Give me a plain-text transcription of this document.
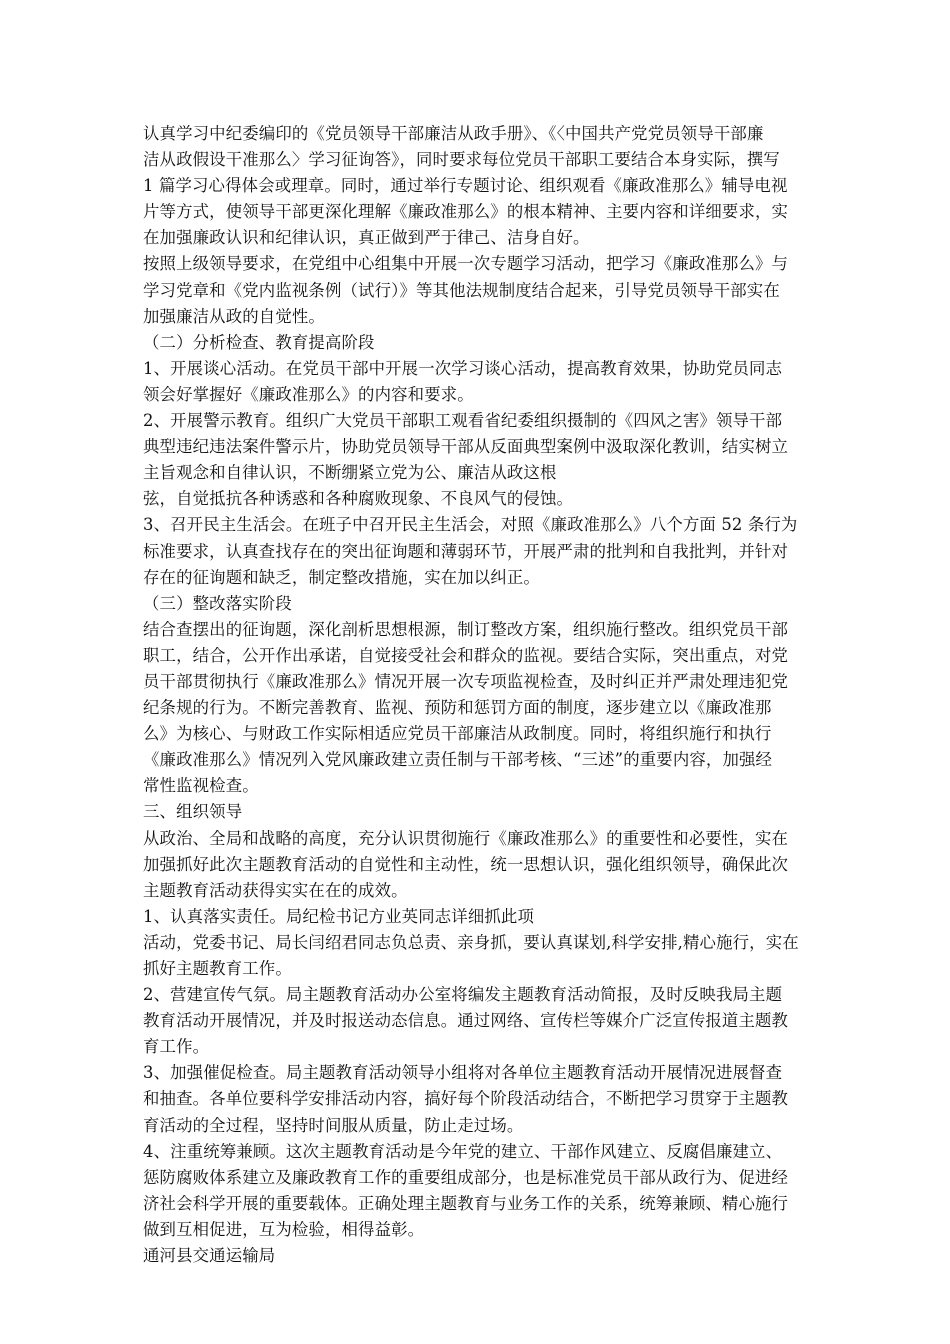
认真学习中纪委编印的《党员领导干部廉洁从政手册》、《〈中国共产党党员领导干部廉
洁从政假设干准那么〉学习征询答》，同时要求每位党员干部职工要结合本身实际，撰写
1 篇学习心得体会或理章。同时，通过举行专题讨论、组织观看《廉政准那么》辅导电视
片等方式，使领导干部更深化理解《廉政准那么》的根本精神、主要内容和详细要求，实
在加强廉政认识和纪律认识，真正做到严于律己、洁身自好。
按照上级领导要求，在党组中心组集中开展一次专题学习活动，把学习《廉政准那么》与
学习党章和《党内监视条例（试行）》等其他法规制度结合起来，引导党员领导干部实在
加强廉洁从政的自觉性。
（二）分析检查、教育提高阶段
1、开展谈心活动。在党员干部中开展一次学习谈心活动，提高教育效果，协助党员同志
领会好掌握好《廉政准那么》的内容和要求。
2、开展警示教育。组织广大党员干部职工观看省纪委组织摄制的《四风之害》领导干部
典型违纪违法案件警示片，协助党员领导干部从反面典型案例中汲取深化教训，结实树立
主旨观念和自律认识，不断绷紧立党为公、廉洁从政这根
弦，自觉抵抗各种诱惑和各种腐败现象、不良风气的侵蚀。
3、召开民主生活会。在班子中召开民主生活会，对照《廉政准那么》八个方面 52 条行为
标准要求，认真查找存在的突出征询题和薄弱环节，开展严肃的批判和自我批判，并针对
存在的征询题和缺乏，制定整改措施，实在加以纠正。
（三）整改落实阶段
结合查摆出的征询题，深化剖析思想根源，制订整改方案，组织施行整改。组织党员干部
职工，结合，公开作出承诺，自觉接受社会和群众的监视。要结合实际，突出重点，对党
员干部贯彻执行《廉政准那么》情况开展一次专项监视检查，及时纠正并严肃处理违犯党
纪条规的行为。不断完善教育、监视、预防和惩罚方面的制度，逐步建立以《廉政准那
么》为核心、与财政工作实际相适应党员干部廉洁从政制度。同时，将组织施行和执行
《廉政准那么》情况列入党风廉政建立责任制与干部考核、“三述”的重要内容，加强经
常性监视检查。
三、组织领导
从政治、全局和战略的高度，充分认识贯彻施行《廉政准那么》的重要性和必要性，实在
加强抓好此次主题教育活动的自觉性和主动性，统一思想认识，强化组织领导，确保此次
主题教育活动获得实实在在的成效。
1、认真落实责任。局纪检书记方业英同志详细抓此项
活动，党委书记、局长闫绍君同志负总责、亲身抓，要认真谋划,科学安排,精心施行，实在
抓好主题教育工作。
2、营建宣传气氛。局主题教育活动办公室将编发主题教育活动简报，及时反映我局主题
教育活动开展情况，并及时报送动态信息。通过网络、宣传栏等媒介广泛宣传报道主题教
育工作。
3、加强催促检查。局主题教育活动领导小组将对各单位主题教育活动开展情况进展督查
和抽查。各单位要科学安排活动内容，搞好每个阶段活动结合，不断把学习贯穿于主题教
育活动的全过程，坚持时间服从质量，防止走过场。
4、注重统筹兼顾。这次主题教育活动是今年党的建立、干部作风建立、反腐倡廉建立、
惩防腐败体系建立及廉政教育工作的重要组成部分，也是标准党员干部从政行为、促进经
济社会科学开展的重要载体。正确处理主题教育与业务工作的关系，统筹兼顾、精心施行
做到互相促进，互为检验，相得益彰。
通河县交通运输局
